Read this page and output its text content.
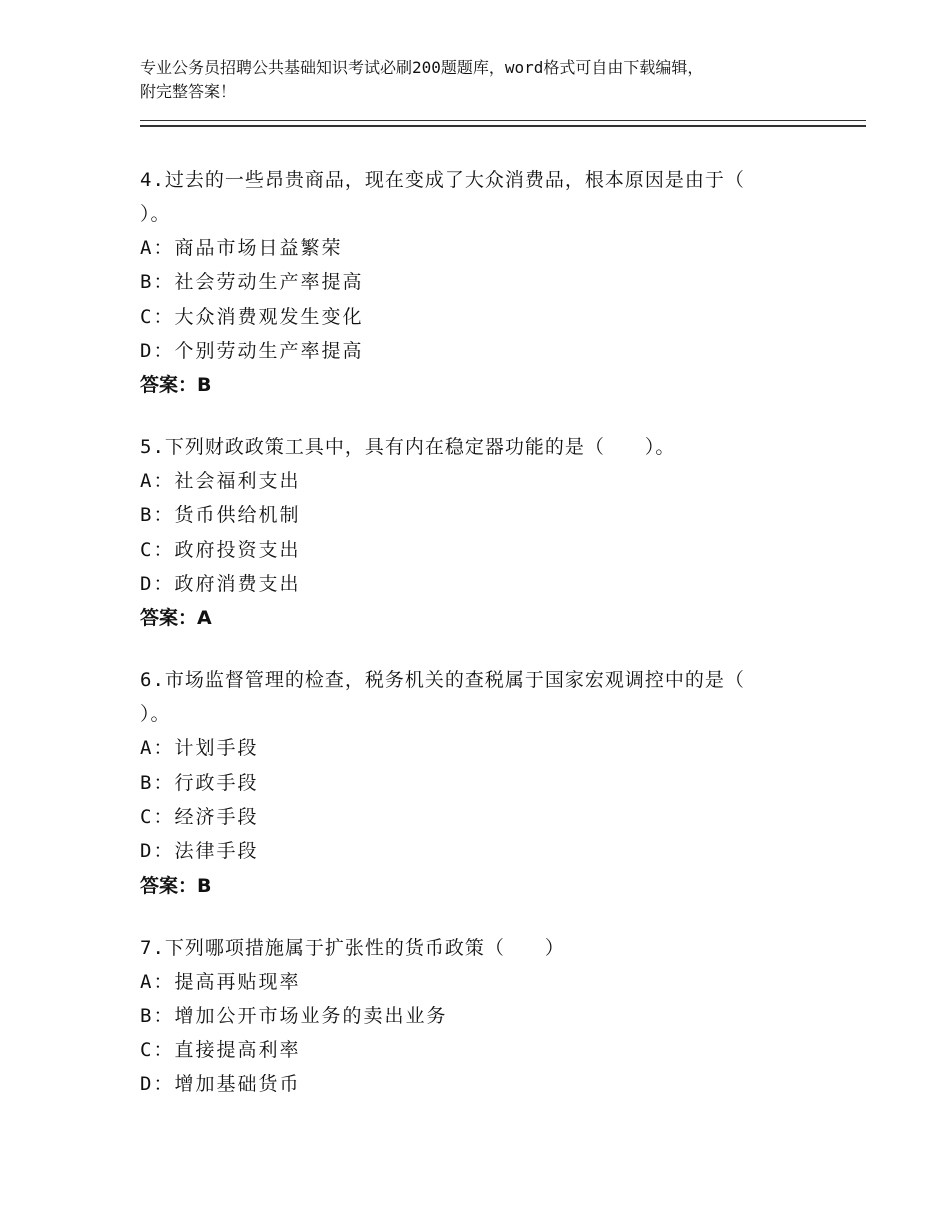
专业公务员招聘公共基础知识考试必刷200题题库，word格式可自由下载编辑，
附完整答案！
4.过去的一些昂贵商品，现在变成了大众消费品，根本原因是由于（
）。
A：商品市场日益繁荣
B：社会劳动生产率提高
C：大众消费观发生变化
D：个别劳动生产率提高
答案：B
5.下列财政政策工具中，具有内在稳定器功能的是（　　）。
A：社会福利支出
B：货币供给机制
C：政府投资支出
D：政府消费支出
答案：A
6.市场监督管理的检查，税务机关的查税属于国家宏观调控中的是（
）。
A：计划手段
B：行政手段
C：经济手段
D：法律手段
答案：B
7.下列哪项措施属于扩张性的货币政策（　　）
A：提高再贴现率
B：增加公开市场业务的卖出业务
C：直接提高利率
D：增加基础货币
